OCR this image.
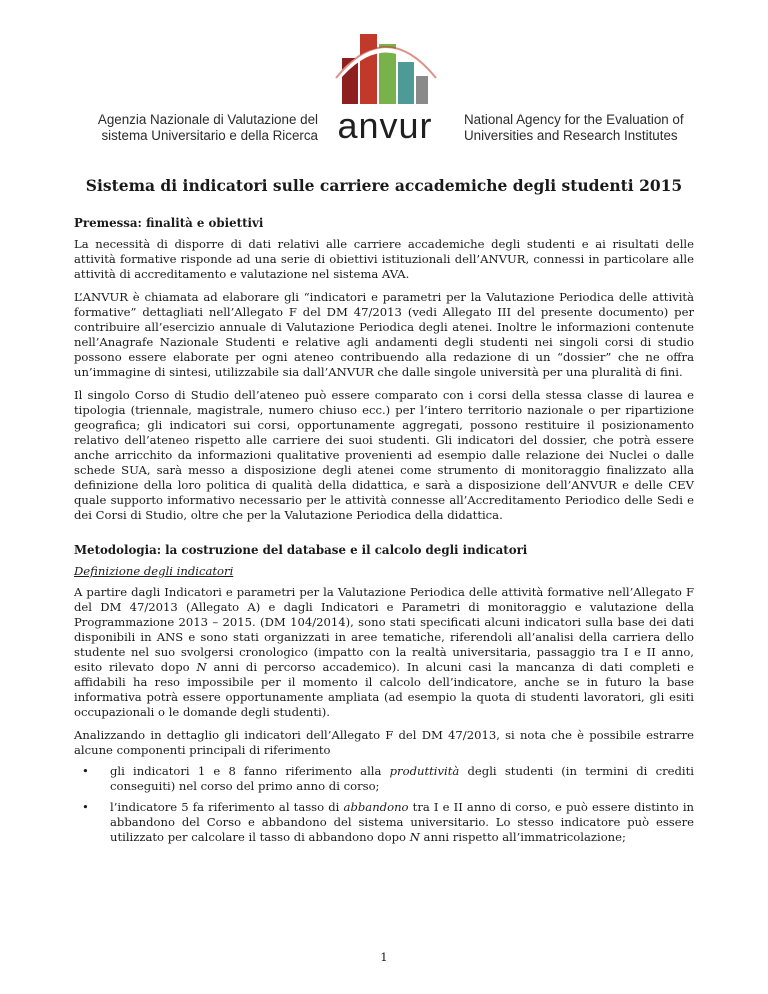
anvur
Agenzia Nazionale di Valutazione del
sistema Universitario e della Ricerca
National Agency for the Evaluation of
Universities and Research Institutes
Sistema di indicatori sulle carriere accademiche degli studenti 2015
Premessa: finalità e obiettivi

La necessità di disporre di dati relativi alle carriere accademiche degli studenti e ai risultati delle attività formative risponde ad una serie di obiettivi istituzionali dell’ANVUR, connessi in particolare alle attività di accreditamento e valutazione nel sistema AVA.

L’ANVUR è chiamata ad elaborare gli “indicatori e parametri per la Valutazione Periodica delle attività formative” dettagliati nell’Allegato F del DM 47/2013 (vedi Allegato III del presente documento) per contribuire all’esercizio annuale di Valutazione Periodica degli atenei. Inoltre le informazioni contenute nell’Anagrafe Nazionale Studenti e relative agli andamenti degli studenti nei singoli corsi di studio possono essere elaborate per ogni ateneo contribuendo alla redazione di un “dossier” che ne offra un’immagine di sintesi, utilizzabile sia dall’ANVUR che dalle singole università per una pluralità di fini.

Il singolo Corso di Studio dell’ateneo può essere comparato con i corsi della stessa classe di laurea e tipologia (triennale, magistrale, numero chiuso ecc.) per l’intero territorio nazionale o per ripartizione geografica; gli indicatori sui corsi, opportunamente aggregati, possono restituire il posizionamento relativo dell’ateneo rispetto alle carriere dei suoi studenti. Gli indicatori del dossier, che potrà essere anche arricchito da informazioni qualitative provenienti ad esempio dalle relazione dei Nuclei o dalle schede SUA, sarà messo a disposizione degli atenei come strumento di monitoraggio finalizzato alla definizione della loro politica di qualità della didattica, e sarà a disposizione dell’ANVUR e delle CEV quale supporto informativo necessario per le attività connesse all’Accreditamento Periodico delle Sedi e dei Corsi di Studio, oltre che per la Valutazione Periodica della didattica.

Metodologia: la costruzione del database e il calcolo degli indicatori
Definizione degli indicatori

A partire dagli Indicatori e parametri per la Valutazione Periodica delle attività formative nell’Allegato F del DM 47/2013 (Allegato A) e dagli Indicatori e Parametri di monitoraggio e valutazione della Programmazione 2013 – 2015. (DM 104/2014), sono stati specificati alcuni indicatori sulla base dei dati disponibili in ANS e sono stati organizzati in aree tematiche, riferendoli all’analisi della carriera dello studente nel suo svolgersi cronologico (impatto con la realtà universitaria, passaggio tra I e II anno, esito rilevato dopo N anni di percorso accademico). In alcuni casi la mancanza di dati completi e affidabili ha reso impossibile per il momento il calcolo dell’indicatore, anche se in futuro la base informativa potrà essere opportunamente ampliata (ad esempio la quota di studenti lavoratori, gli esiti occupazionali o le domande degli studenti).

Analizzando in dettaglio gli indicatori dell’Allegato F del DM 47/2013, si nota che è possibile estrarre alcune componenti principali di riferimento

• gli indicatori 1 e 8 fanno riferimento alla produttività degli studenti (in termini di crediti conseguiti) nel corso del primo anno di corso;
• l’indicatore 5 fa riferimento al tasso di abbandono tra I e II anno di corso, e può essere distinto in abbandono del Corso e abbandono del sistema universitario. Lo stesso indicatore può essere utilizzato per calcolare il tasso di abbandono dopo N anni rispetto all’immatricolazione;
1
